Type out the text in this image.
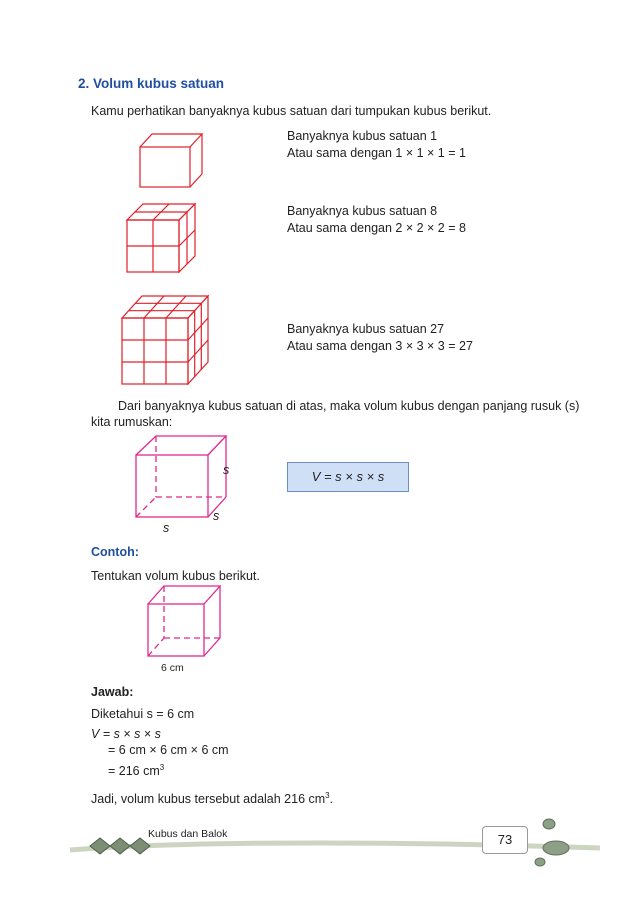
2. Volum kubus satuan
Kamu perhatikan banyaknya kubus satuan dari tumpukan kubus berikut.
Banyaknya kubus satuan 1
Atau sama dengan 1 × 1 × 1 = 1
Banyaknya kubus satuan 8
Atau sama dengan 2 × 2 × 2 = 8
Banyaknya kubus satuan 27
Atau sama dengan 3 × 3 × 3 = 27
Dari banyaknya kubus satuan di atas, maka volum kubus dengan panjang rusuk (s)
kita rumuskan:
s
s
s
V = s × s × s
Contoh:
Tentukan volum kubus berikut.
6 cm
Jawab:
Diketahui s = 6 cm
V = s × s × s
= 6 cm × 6 cm × 6 cm
= 216 $cm^3$
Jadi, volum kubus tersebut adalah 216 $cm^3$.
Kubus dan Balok	73
